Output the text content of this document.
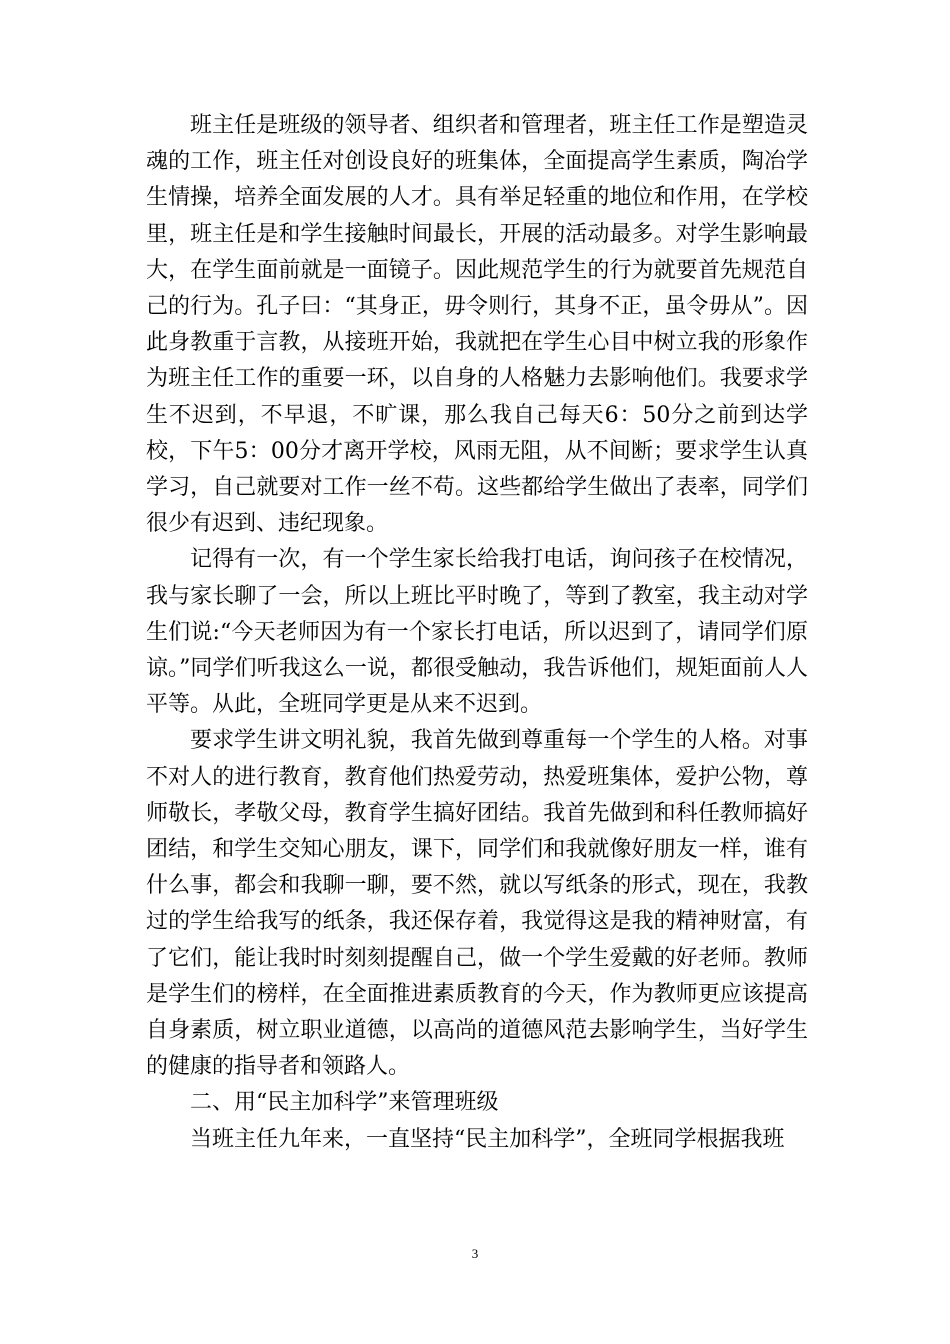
班主任是班级的领导者、组织者和管理者，班主任工作是塑造灵魂的工作，班主任对创设良好的班集体，全面提高学生素质，陶冶学生情操，培养全面发展的人才。具有举足轻重的地位和作用，在学校里，班主任是和学生接触时间最长，开展的活动最多。对学生影响最大，在学生面前就是一面镜子。因此规范学生的行为就要首先规范自己的行为。孔子曰：“其身正，毋令则行，其身不正，虽令毋从”。因此身教重于言教，从接班开始，我就把在学生心目中树立我的形象作为班主任工作的重要一环，以自身的人格魅力去影响他们。我要求学生不迟到，不早退，不旷课，那么我自己每天6：50分之前到达学校，下午5：00分才离开学校，风雨无阻，从不间断；要求学生认真学习，自己就要对工作一丝不苟。这些都给学生做出了表率，同学们很少有迟到、违纪现象。

记得有一次，有一个学生家长给我打电话，询问孩子在校情况，我与家长聊了一会，所以上班比平时晚了，等到了教室，我主动对学生们说:“今天老师因为有一个家长打电话，所以迟到了，请同学们原谅。”同学们听我这么一说，都很受触动，我告诉他们，规矩面前人人平等。从此，全班同学更是从来不迟到。

要求学生讲文明礼貌，我首先做到尊重每一个学生的人格。对事不对人的进行教育，教育他们热爱劳动，热爱班集体，爱护公物，尊师敬长，孝敬父母，教育学生搞好团结。我首先做到和科任教师搞好团结，和学生交知心朋友，课下，同学们和我就像好朋友一样，谁有什么事，都会和我聊一聊，要不然，就以写纸条的形式，现在，我教过的学生给我写的纸条，我还保存着，我觉得这是我的精神财富，有了它们，能让我时时刻刻提醒自己，做一个学生爱戴的好老师。教师是学生们的榜样，在全面推进素质教育的今天，作为教师更应该提高自身素质，树立职业道德，以高尚的道德风范去影响学生，当好学生的健康的指导者和领路人。

二、用“民主加科学”来管理班级

当班主任九年来，一直坚持“民主加科学”，全班同学根据我班

3
